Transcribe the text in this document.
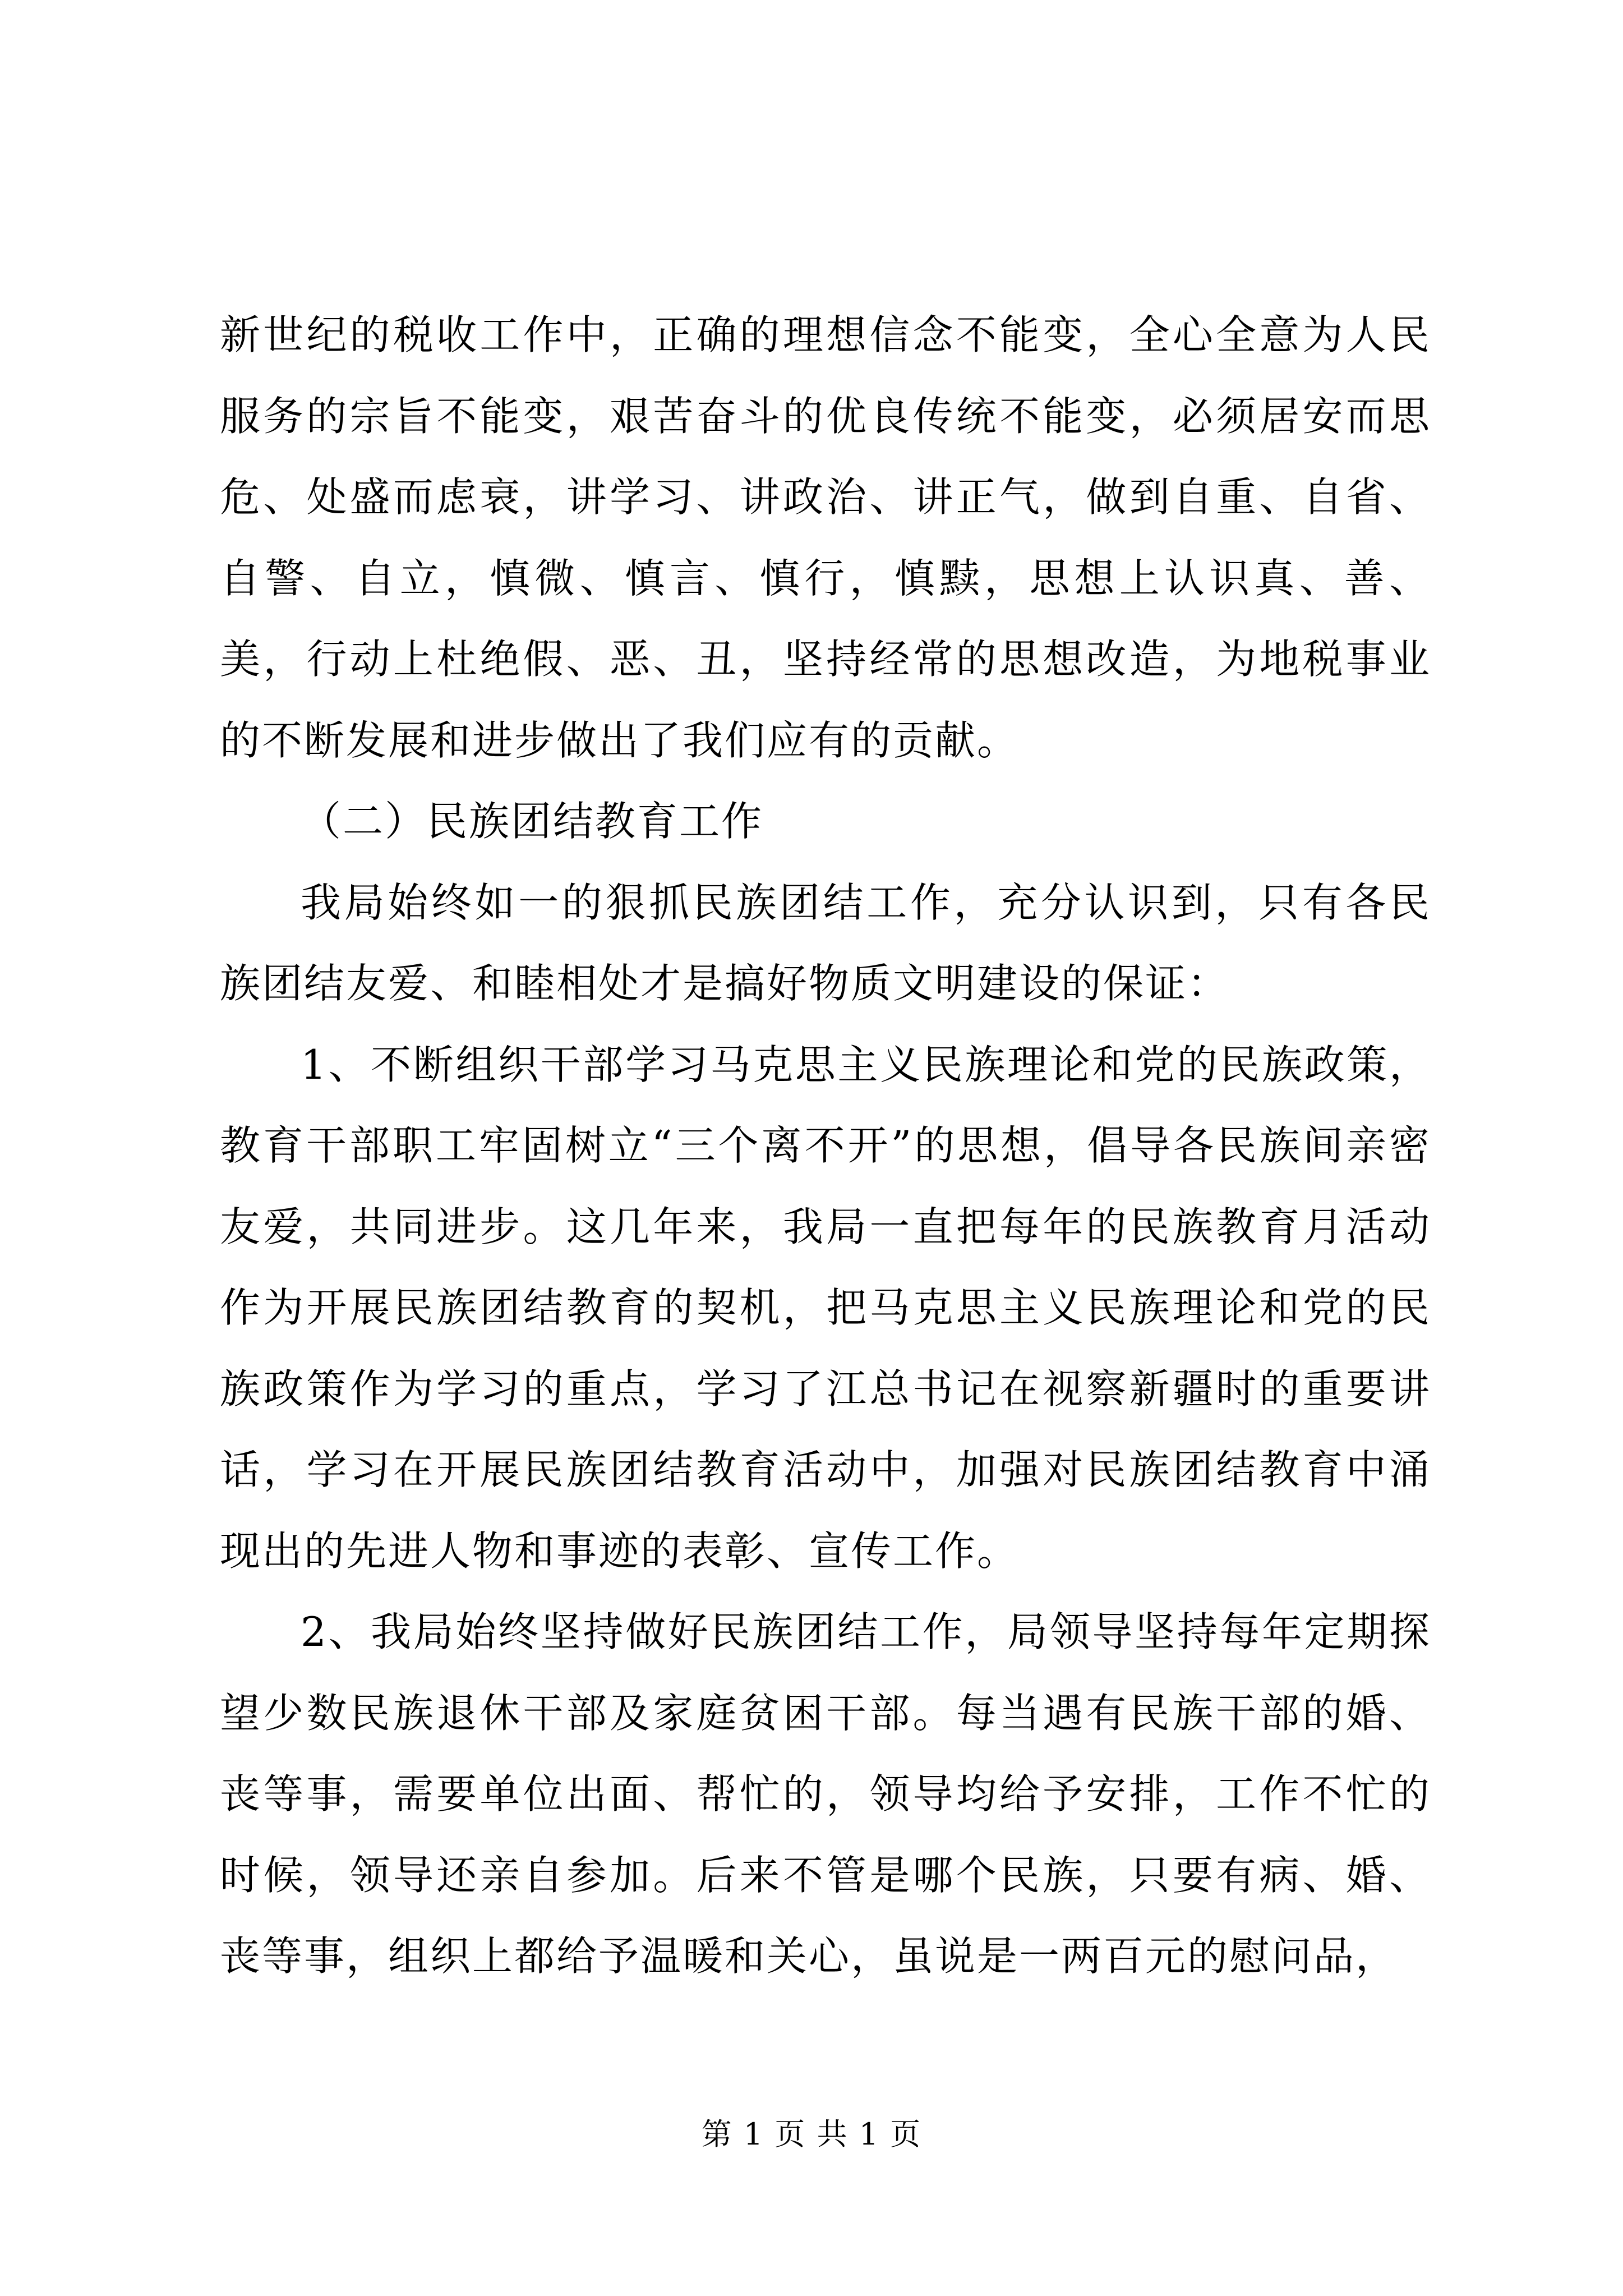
新世纪的税收工作中，正确的理想信念不能变，全心全意为人民服务的宗旨不能变，艰苦奋斗的优良传统不能变，必须居安而思危、处盛而虑衰，讲学习、讲政治、讲正气，做到自重、自省、自警、自立，慎微、慎言、慎行，慎黩，思想上认识真、善、美，行动上杜绝假、恶、丑，坚持经常的思想改造，为地税事业的不断发展和进步做出了我们应有的贡献。

（二）民族团结教育工作

我局始终如一的狠抓民族团结工作，充分认识到，只有各民族团结友爱、和睦相处才是搞好物质文明建设的保证：

1、不断组织干部学习马克思主义民族理论和党的民族政策，教育干部职工牢固树立“三个离不开”的思想，倡导各民族间亲密友爱，共同进步。这几年来，我局一直把每年的民族教育月活动作为开展民族团结教育的契机，把马克思主义民族理论和党的民族政策作为学习的重点，学习了江总书记在视察新疆时的重要讲话，学习在开展民族团结教育活动中，加强对民族团结教育中涌现出的先进人物和事迹的表彰、宣传工作。

2、我局始终坚持做好民族团结工作，局领导坚持每年定期探望少数民族退休干部及家庭贫困干部。每当遇有民族干部的婚、丧等事，需要单位出面、帮忙的，领导均给予安排，工作不忙的时候，领导还亲自参加。后来不管是哪个民族，只要有病、婚、丧等事，组织上都给予温暖和关心，虽说是一两百元的慰问品，

第 1 页 共 1 页
